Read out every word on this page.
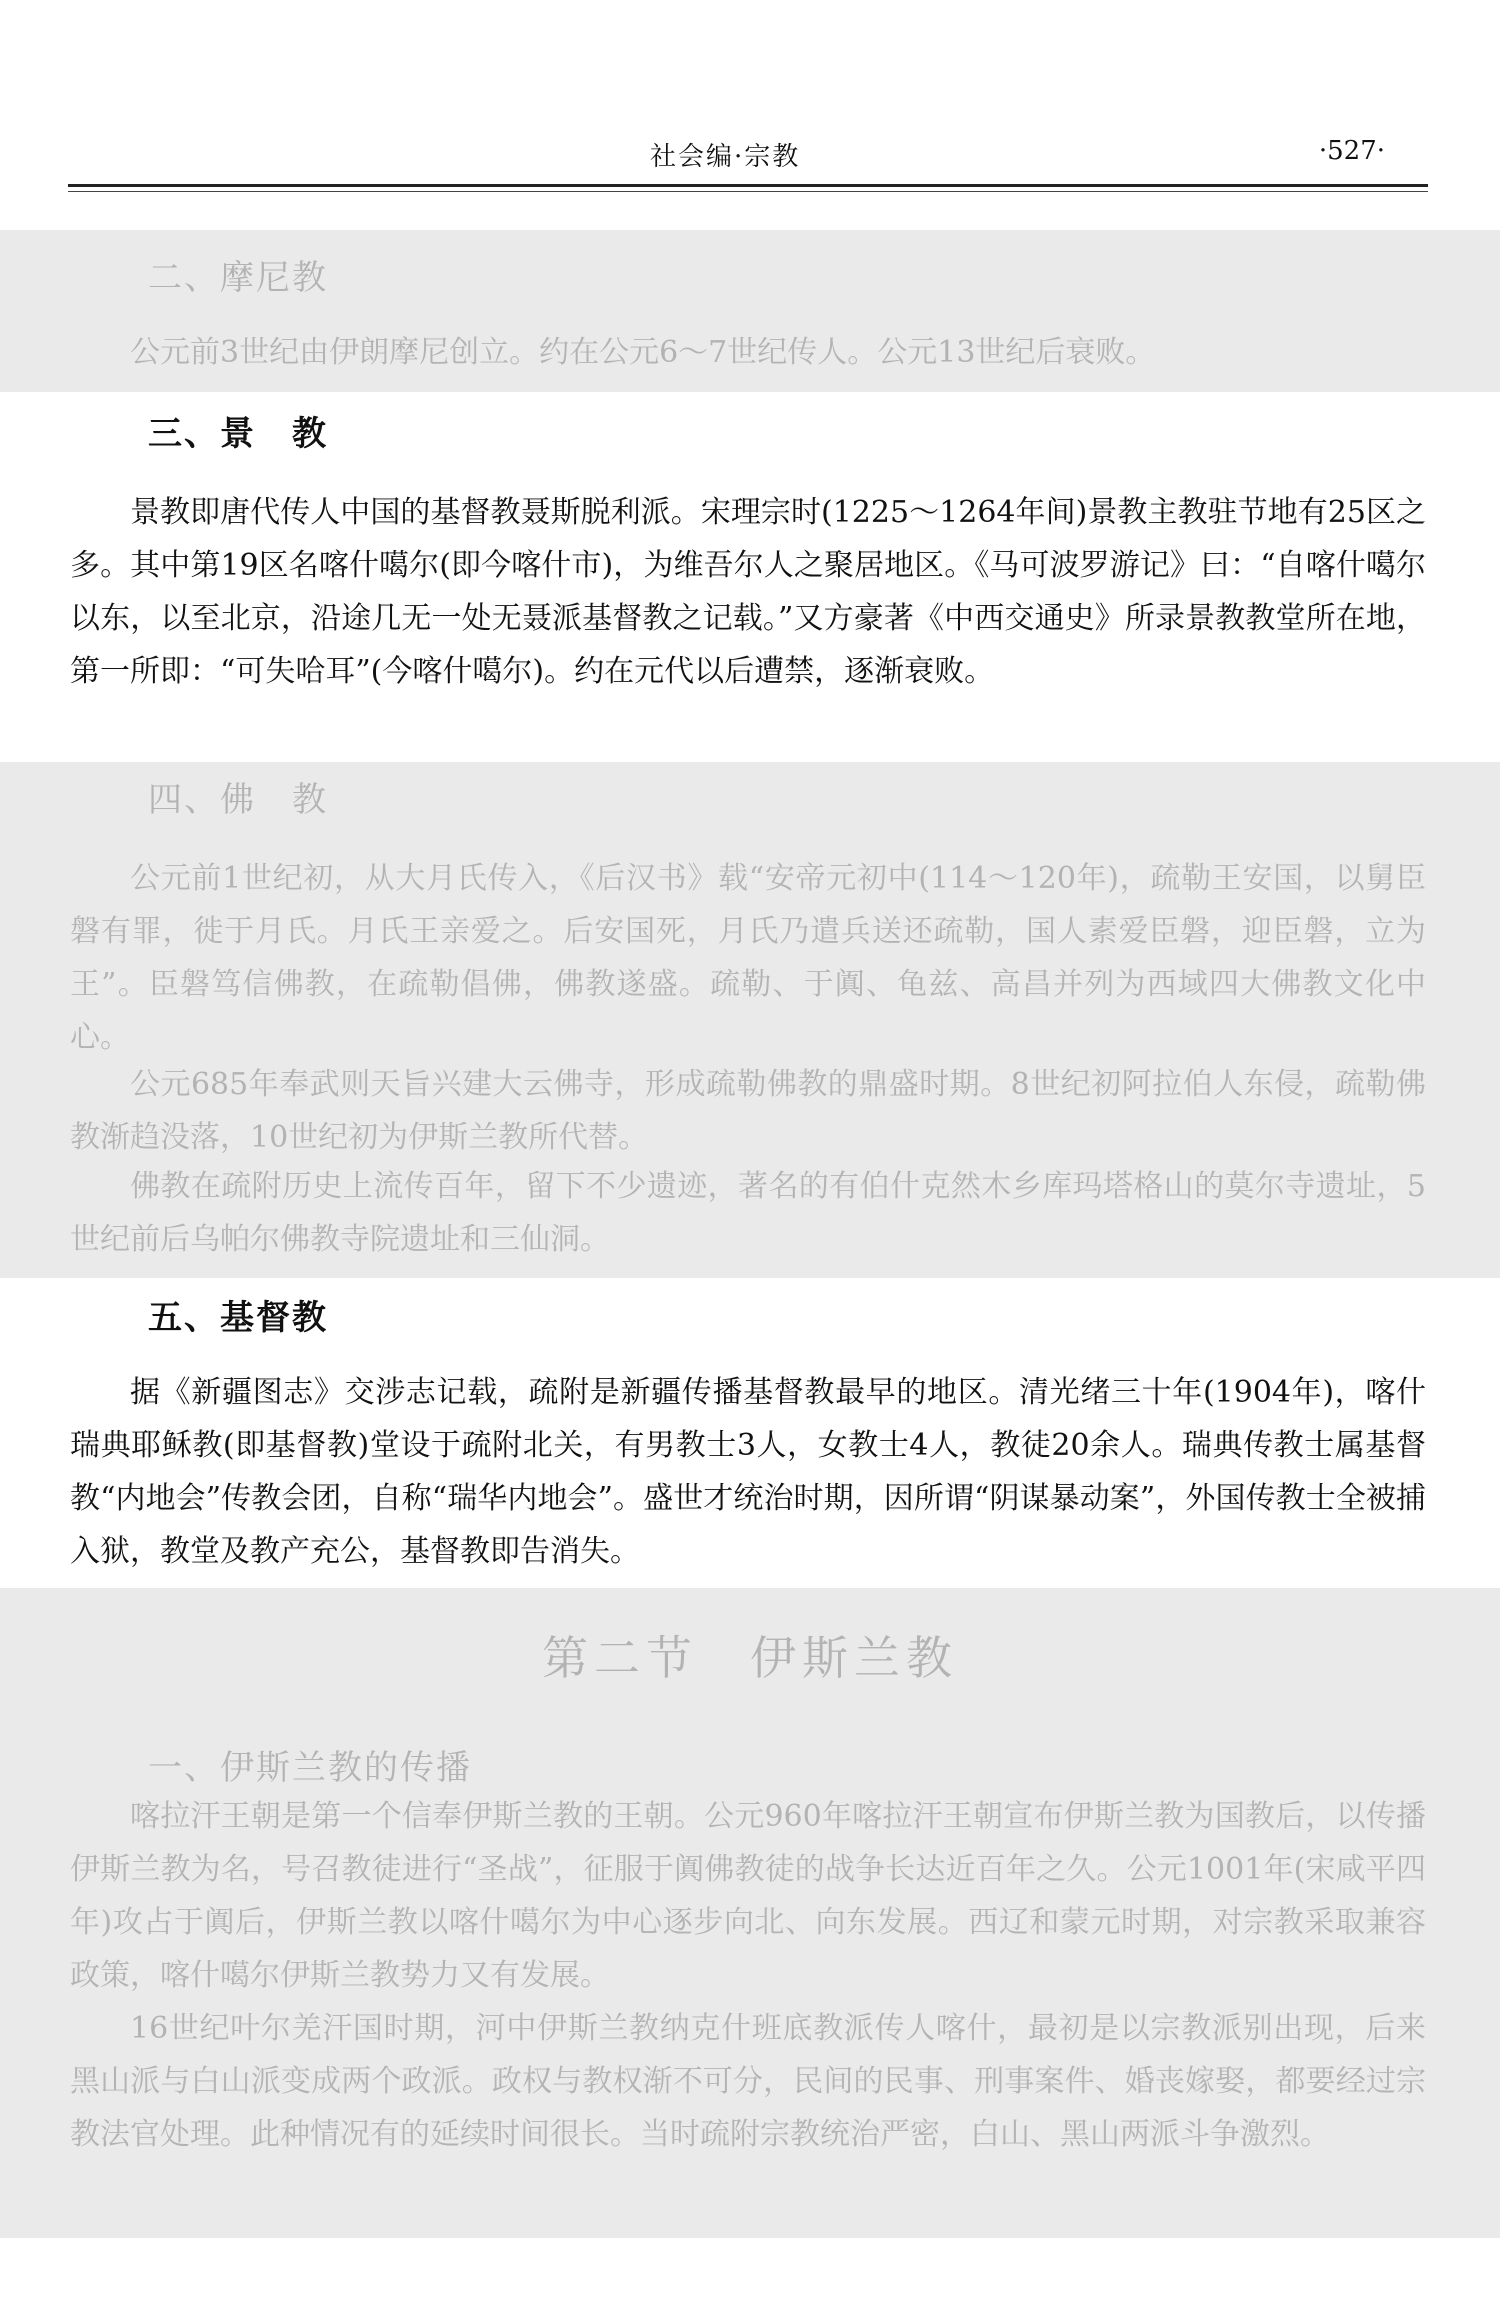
社会编·宗教	·527·
二、摩尼教
公元前3世纪由伊朗摩尼创立。约在公元6～7世纪传人。公元13世纪后衰败。
三、景　教
景教即唐代传人中国的基督教聂斯脱利派。宋理宗时(1225～1264年间)景教主教驻节地有25区之多。其中第19区名喀什噶尔(即今喀什市)，为维吾尔人之聚居地区。《马可波罗游记》曰：“自喀什噶尔以东，以至北京，沿途几无一处无聂派基督教之记载。”又方豪著《中西交通史》所录景教教堂所在地，第一所即：“可失哈耳”(今喀什噶尔)。约在元代以后遭禁，逐渐衰败。
四、佛　教
公元前1世纪初，从大月氏传入，《后汉书》载“安帝元初中(114～120年)，疏勒王安国，以舅臣磐有罪，徙于月氏。月氏王亲爱之。后安国死，月氏乃遣兵送还疏勒，国人素爱臣磐，迎臣磐，立为王”。臣磐笃信佛教，在疏勒倡佛，佛教遂盛。疏勒、于阗、龟兹、高昌并列为西域四大佛教文化中心。
公元685年奉武则天旨兴建大云佛寺，形成疏勒佛教的鼎盛时期。8世纪初阿拉伯人东侵，疏勒佛教渐趋没落，10世纪初为伊斯兰教所代替。
佛教在疏附历史上流传百年，留下不少遗迹，著名的有伯什克然木乡库玛塔格山的莫尔寺遗址，5世纪前后乌帕尔佛教寺院遗址和三仙洞。
五、基督教
据《新疆图志》交涉志记载，疏附是新疆传播基督教最早的地区。清光绪三十年(1904年)，喀什瑞典耶稣教(即基督教)堂设于疏附北关，有男教士3人，女教士4人，教徒20余人。瑞典传教士属基督教“内地会”传教会团，自称“瑞华内地会”。盛世才统治时期，因所谓“阴谋暴动案”，外国传教士全被捕入狱，教堂及教产充公，基督教即告消失。
第二节　伊斯兰教
一、伊斯兰教的传播
喀拉汗王朝是第一个信奉伊斯兰教的王朝。公元960年喀拉汗王朝宣布伊斯兰教为国教后，以传播伊斯兰教为名，号召教徒进行“圣战”，征服于阗佛教徒的战争长达近百年之久。公元1001年(宋咸平四年)攻占于阗后，伊斯兰教以喀什噶尔为中心逐步向北、向东发展。西辽和蒙元时期，对宗教采取兼容政策，喀什噶尔伊斯兰教势力又有发展。
16世纪叶尔羌汗国时期，河中伊斯兰教纳克什班底教派传人喀什，最初是以宗教派别出现，后来黑山派与白山派变成两个政派。政权与教权渐不可分，民间的民事、刑事案件、婚丧嫁娶，都要经过宗教法官处理。此种情况有的延续时间很长。当时疏附宗教统治严密，白山、黑山两派斗争激烈。
